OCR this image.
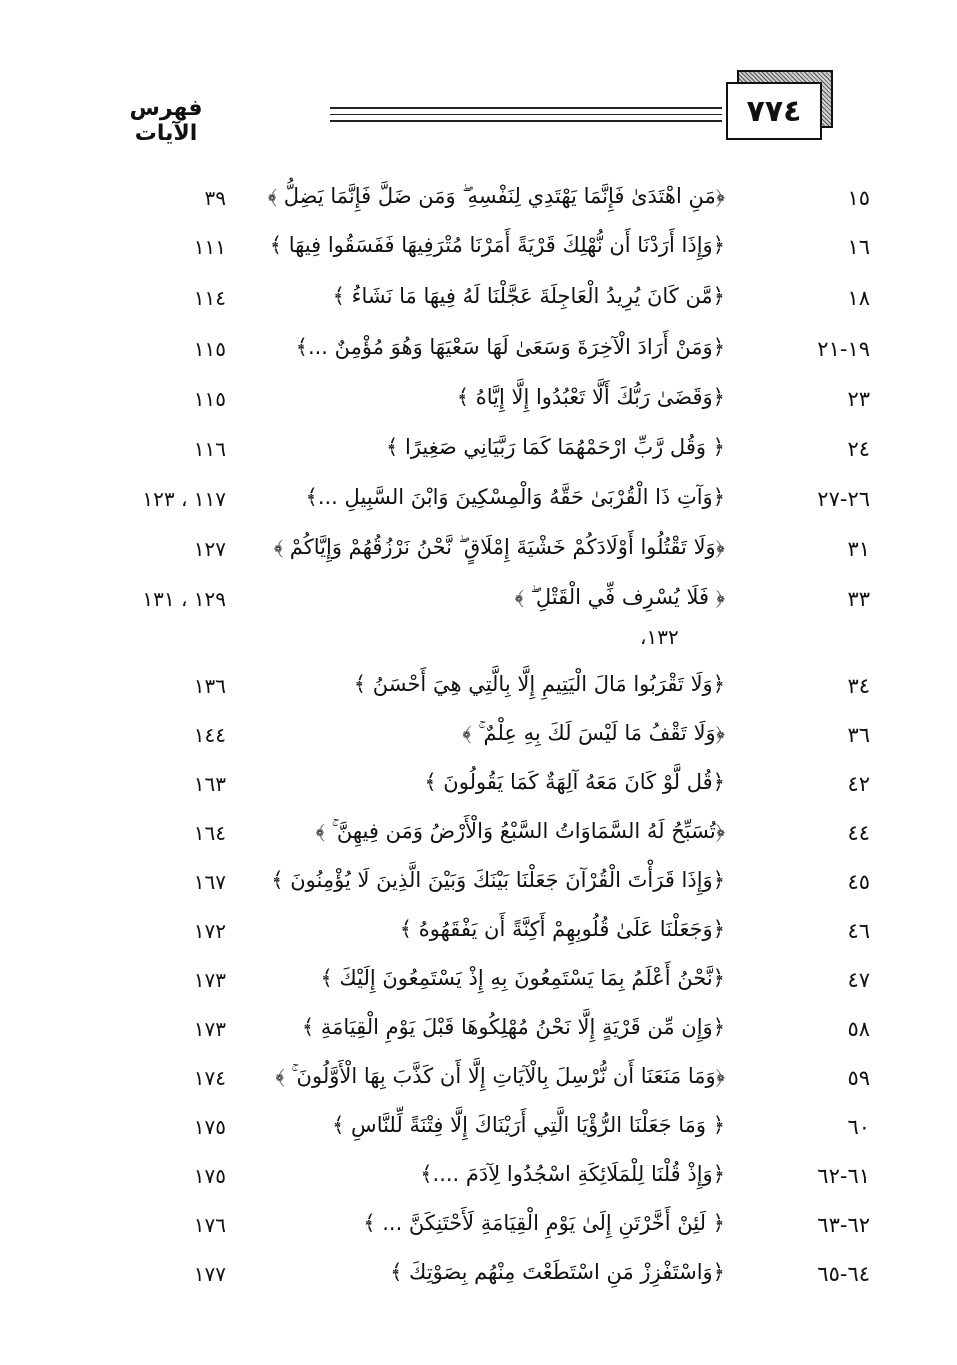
٧٧٤
فهرس الآيات
١٥
﴿مَنِ اهْتَدَىٰ فَإِنَّمَا يَهْتَدِي لِنَفْسِهِ ۖ وَمَن ضَلَّ فَإِنَّمَا يَضِلُّ ﴾
٣٩
١٦
﴿وَإِذَا أَرَدْنَا أَن نُّهْلِكَ قَرْيَةً أَمَرْنَا مُتْرَفِيهَا فَفَسَقُوا فِيهَا ﴾
١١١
١٨
﴿مَّن كَانَ يُرِيدُ الْعَاجِلَةَ عَجَّلْنَا لَهُ فِيهَا مَا نَشَاءُ ﴾
١١٤
١٩-٢١
﴿وَمَنْ أَرَادَ الْآخِرَةَ وَسَعَىٰ لَهَا سَعْيَهَا وَهُوَ مُؤْمِنٌ ...﴾
١١٥
٢٣
﴿وَقَضَىٰ رَبُّكَ أَلَّا تَعْبُدُوا إِلَّا إِيَّاهُ ﴾
١١٥
٢٤
﴿ وَقُل رَّبِّ ارْحَمْهُمَا كَمَا رَبَّيَانِي صَغِيرًا ﴾
١١٦
٢٦-٢٧
﴿وَآتِ ذَا الْقُرْبَىٰ حَقَّهُ وَالْمِسْكِينَ وَابْنَ السَّبِيلِ ...﴾
١١٧ ، ١٢٣
٣١
﴿وَلَا تَقْتُلُوا أَوْلَادَكُمْ خَشْيَةَ إِمْلَاقٍ ۖ نَّحْنُ نَرْزُقُهُمْ وَإِيَّاكُمْ ﴾
١٢٧
٣٣
﴿ فَلَا يُسْرِف فِّي الْقَتْلِ ۖ ﴾
١٢٩ ، ١٣١
١٣٢،
٣٤
﴿وَلَا تَقْرَبُوا مَالَ الْيَتِيمِ إِلَّا بِالَّتِي هِيَ أَحْسَنُ ﴾
١٣٦
٣٦
﴿وَلَا تَقْفُ مَا لَيْسَ لَكَ بِهِ عِلْمٌ ۚ ﴾
١٤٤
٤٢
﴿قُل لَّوْ كَانَ مَعَهُ آلِهَةٌ كَمَا يَقُولُونَ ﴾
١٦٣
٤٤
﴿تُسَبِّحُ لَهُ السَّمَاوَاتُ السَّبْعُ وَالْأَرْضُ وَمَن فِيهِنَّ ۚ ﴾
١٦٤
٤٥
﴿وَإِذَا قَرَأْتَ الْقُرْآنَ جَعَلْنَا بَيْنَكَ وَبَيْنَ الَّذِينَ لَا يُؤْمِنُونَ ﴾
١٦٧
٤٦
﴿وَجَعَلْنَا عَلَىٰ قُلُوبِهِمْ أَكِنَّةً أَن يَفْقَهُوهُ ﴾
١٧٢
٤٧
﴿نَّحْنُ أَعْلَمُ بِمَا يَسْتَمِعُونَ بِهِ إِذْ يَسْتَمِعُونَ إِلَيْكَ ﴾
١٧٣
٥٨
﴿وَإِن مِّن قَرْيَةٍ إِلَّا نَحْنُ مُهْلِكُوهَا قَبْلَ يَوْمِ الْقِيَامَةِ ﴾
١٧٣
٥٩
﴿وَمَا مَنَعَنَا أَن نُّرْسِلَ بِالْآيَاتِ إِلَّا أَن كَذَّبَ بِهَا الْأَوَّلُونَ ۚ ﴾
١٧٤
٦٠
﴿ وَمَا جَعَلْنَا الرُّؤْيَا الَّتِي أَرَيْنَاكَ إِلَّا فِتْنَةً لِّلنَّاسِ ﴾
١٧٥
٦١-٦٢
﴿وَإِذْ قُلْنَا لِلْمَلَائِكَةِ اسْجُدُوا لِآدَمَ ....﴾
١٧٥
٦٢-٦٣
﴿ لَئِنْ أَخَّرْتَنِ إِلَىٰ يَوْمِ الْقِيَامَةِ لَأَحْتَنِكَنَّ ... ﴾
١٧٦
٦٤-٦٥
﴿وَاسْتَفْزِزْ مَنِ اسْتَطَعْتَ مِنْهُم بِصَوْتِكَ ﴾
١٧٧
